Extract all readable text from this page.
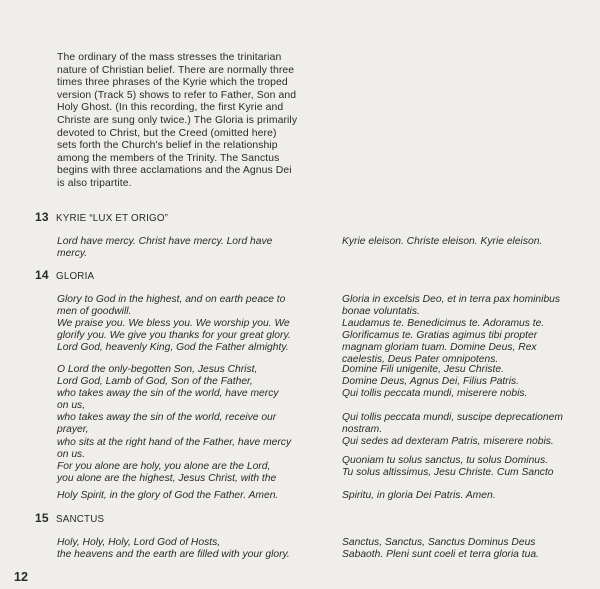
The ordinary of the mass stresses the trinitarian
nature of Christian belief. There are normally three
times three phrases of the Kyrie which the troped
version (Track 5) shows to refer to Father, Son and
Holy Ghost. (In this recording, the first Kyrie and
Christe are sung only twice.) The Gloria is primarily
devoted to Christ, but the Creed (omitted here)
sets forth the Church's belief in the relationship
among the members of the Trinity. The Sanctus
begins with three acclamations and the Agnus Dei
is also tripartite.
13 KYRIE “LUX ET ORIGO”
Lord have mercy. Christ have mercy. Lord have
mercy.
Kyrie eleison. Christe eleison. Kyrie eleison.
14 GLORIA
Glory to God in the highest, and on earth peace to
men of goodwill.
We praise you. We bless you. We worship you. We
glorify you. We give you thanks for your great glory.
Lord God, heavenly King, God the Father almighty.
Gloria in excelsis Deo, et in terra pax hominibus
bonae voluntatis.
Laudamus te. Benedicimus te. Adoramus te.
Glorificamus te. Gratias agimus tibi propter
magnam gloriam tuam. Domine Deus, Rex
caelestis, Deus Pater omnipotens.
O Lord the only-begotten Son, Jesus Christ,
Lord God, Lamb of God, Son of the Father,
who takes away the sin of the world, have mercy
on us,
who takes away the sin of the world, receive our
prayer,
who sits at the right hand of the Father, have mercy
on us.
For you alone are holy, you alone are the Lord,
you alone are the highest, Jesus Christ, with the
Domine Fili unigenite, Jesu Christe.
Domine Deus, Agnus Dei, Filius Patris.
Qui tollis peccata mundi, miserere nobis.
Qui tollis peccata mundi, suscipe deprecationem
nostram.
Qui sedes ad dexteram Patris, miserere nobis.
Quoniam tu solus sanctus, tu solus Dominus.
Tu solus altissimus, Jesu Christe. Cum Sancto
Holy Spirit, in the glory of God the Father. Amen.	Spiritu, in gloria Dei Patris. Amen.
15 SANCTUS
Holy, Holy, Holy, Lord God of Hosts,
the heavens and the earth are filled with your glory.
Sanctus, Sanctus, Sanctus Dominus Deus
Sabaoth. Pleni sunt coeli et terra gloria tua.
12
